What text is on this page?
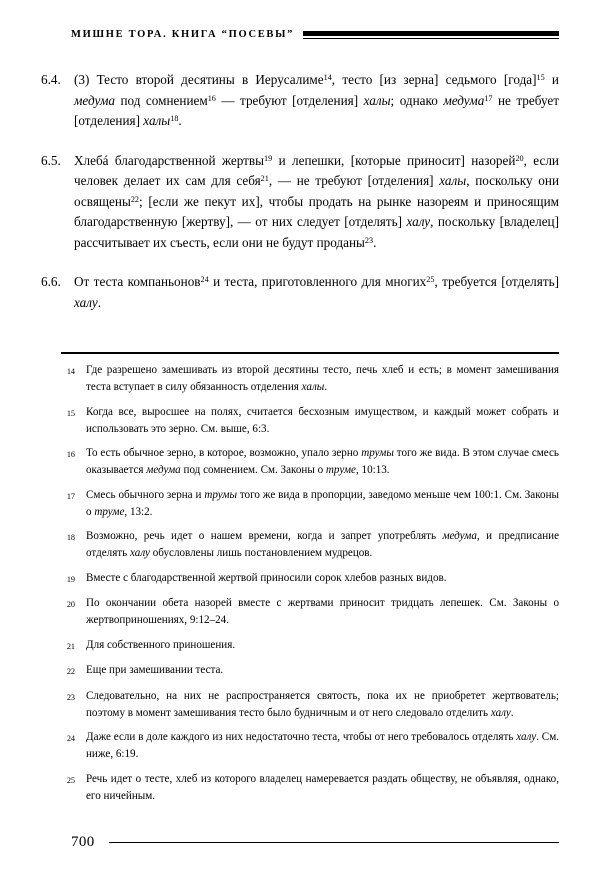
МИШНЕ ТОРА. КНИГА “ПОСЕВЫ”
6.4.	(3) Тесто второй десятины в Иерусалиме$^{14}$, тесто [из зерна] седьмого [года]$^{15}$ и медума под сомнением$^{16}$ — требуют [отделения] халы; однако медума$^{17}$ не требует [отделения] халы$^{18}$.
6.5.	Хлебá благодарственной жертвы$^{19}$ и лепешки, [которые приносит] назорей$^{20}$, если человек делает их сам для себя$^{21}$, — не требуют [отделения] халы, поскольку они освящены$^{22}$; [если же пекут их], чтобы продать на рынке назореям и приносящим благодарственную [жертву], — от них следует [отделять] халу, поскольку [владелец] рассчитывает их съесть, если они не будут проданы$^{23}$.
6.6.	От теста компаньонов$^{24}$ и теста, приготовленного для многих$^{25}$, требуется [отделять] халу.
14 Где разрешено замешивать из второй десятины тесто, печь хлеб и есть; в момент замешивания теста вступает в силу обязанность отделения халы.
15 Когда все, выросшее на полях, считается бесхозным имуществом, и каждый может собрать и использовать это зерно. См. выше, 6:3.
16 То есть обычное зерно, в которое, возможно, упало зерно трумы того же вида. В этом случае смесь оказывается медума под сомнением. См. Законы о труме, 10:13.
17 Смесь обычного зерна и трумы того же вида в пропорции, заведомо меньше чем 100:1. См. Законы о труме, 13:2.
18 Возможно, речь идет о нашем времени, когда и запрет употреблять медума, и предписание отделять халу обусловлены лишь постановлением мудрецов.
19 Вместе с благодарственной жертвой приносили сорок хлебов разных видов.
20 По окончании обета назорей вместе с жертвами приносит тридцать лепешек. См. Законы о жертвоприношениях, 9:12–24.
21 Для собственного приношения.
22 Еще при замешивании теста.
23 Следовательно, на них не распространяется святость, пока их не приобретет жертвователь; поэтому в момент замешивания тесто было будничным и от него следовало отделить халу.
24 Даже если в доле каждого из них недостаточно теста, чтобы от него требовалось отделять халу. См. ниже, 6:19.
25 Речь идет о тесте, хлеб из которого владелец намеревается раздать обществу, не объявляя, однако, его ничейным.
700
